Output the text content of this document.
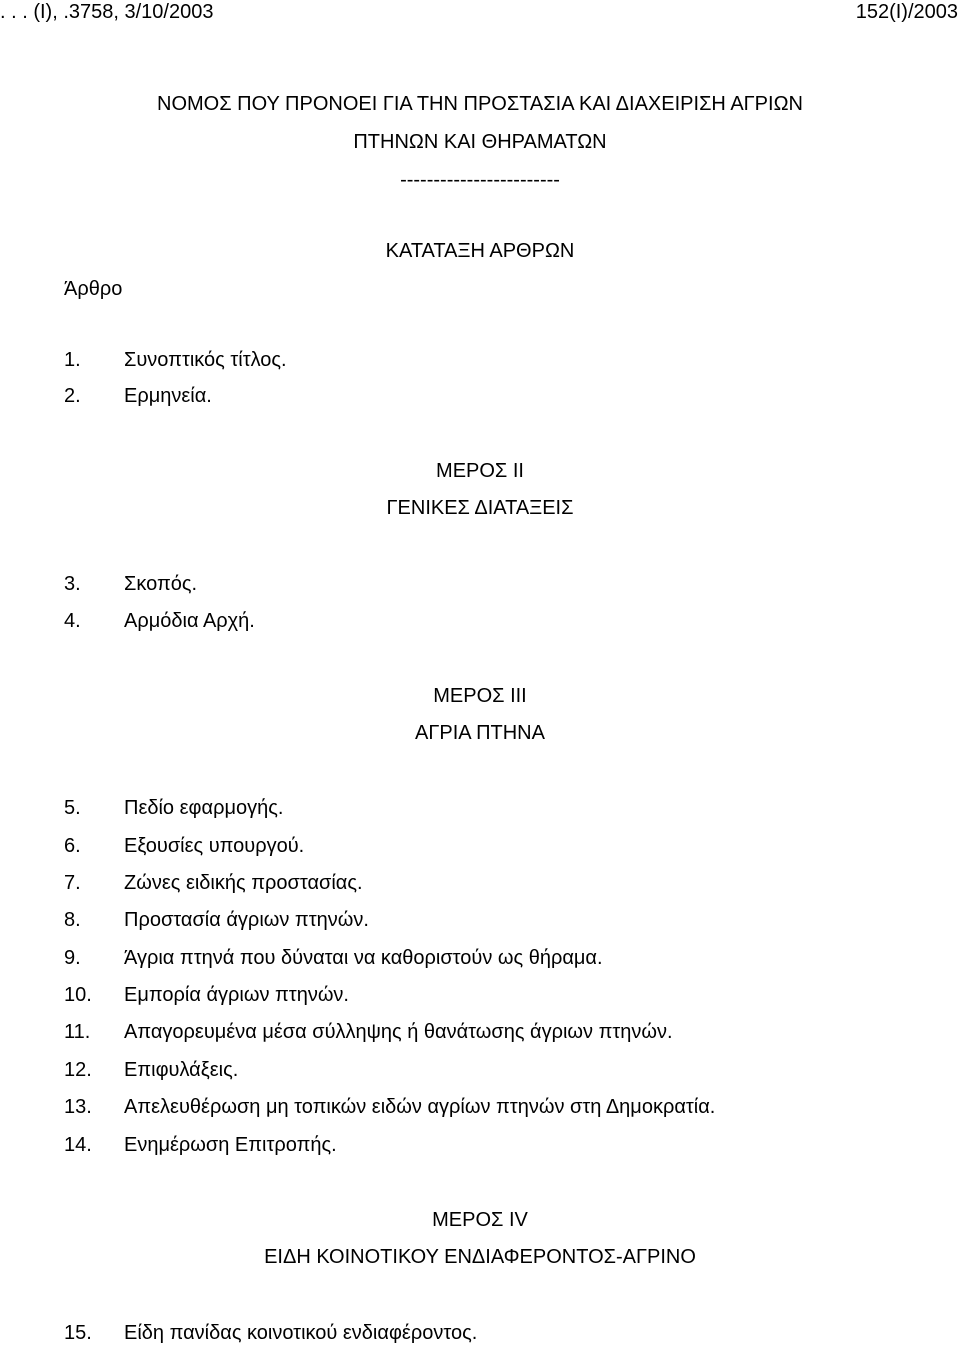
. . . (Ι), .3758, 3/10/2003	152(Ι)/2003
ΝΟΜΟΣ ΠΟΥ ΠΡΟΝΟΕΙ ΓΙΑ ΤΗΝ ΠΡΟΣΤΑΣΙΑ ΚΑΙ ΔΙΑΧΕΙΡΙΣΗ ΑΓΡΙΩΝ
ΠΤΗΝΩΝ ΚΑΙ ΘΗΡΑΜΑΤΩΝ
------------------------
ΚΑΤΑΤΑΞΗ ΑΡΘΡΩΝ
Άρθρο
1. Συνοπτικός τίτλος.
2. Ερμηνεία.
ΜΕΡΟΣ ΙΙ
ΓΕΝΙΚΕΣ ΔΙΑΤΑΞΕΙΣ
3. Σκοπός.
4. Αρμόδια Αρχή.
ΜΕΡΟΣ ΙΙΙ
ΑΓΡΙΑ ΠΤΗΝΑ
5. Πεδίο εφαρμογής.
6. Εξουσίες υπουργού.
7. Ζώνες ειδικής προστασίας.
8. Προστασία άγριων πτηνών.
9. Άγρια πτηνά που δύναται να καθοριστούν ως θήραμα.
10. Εμπορία άγριων πτηνών.
11. Απαγορευμένα μέσα σύλληψης ή θανάτωσης άγριων πτηνών.
12. Επιφυλάξεις.
13. Απελευθέρωση μη τοπικών ειδών αγρίων πτηνών στη Δημοκρατία.
14. Ενημέρωση Επιτροπής.
ΜΕΡΟΣ ΙV
ΕΙΔΗ ΚΟΙΝΟΤΙΚΟΥ ΕΝΔΙΑΦΕΡΟΝΤΟΣ-ΑΓΡΙΝΟ
15. Είδη πανίδας κοινοτικού ενδιαφέροντος.
